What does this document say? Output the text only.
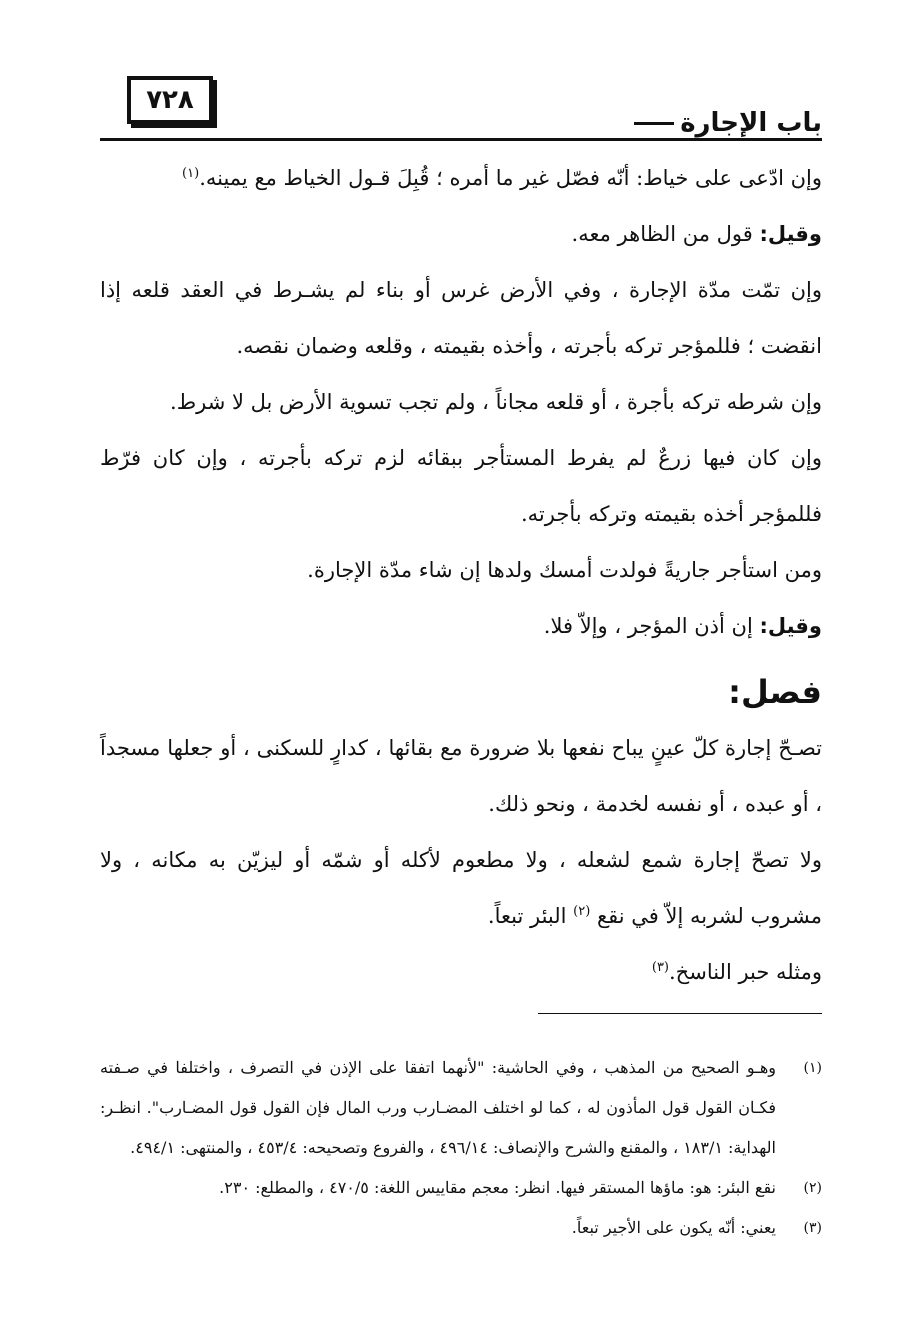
٧٢٨
باب الإجارة

وإن ادّعى على خياط: أنّه فصّل غير ما أمره ؛ قُبِلَ قـول الخياط مع يمينه.$^{(١)}$

وقيل: قول من الظاهر معه.

وإن تمّت مدّة الإجارة ، وفي الأرض غرس أو بناء لم يشـرط في العقد قلعه إذا انقضت ؛ فللمؤجر تركه بأجرته ، وأخذه بقيمته ، وقلعه وضمان نقصه.

وإن شرطه تركه بأجرة ، أو قلعه مجاناً ، ولم تجب تسوية الأرض بل لا شرط.

وإن كان فيها زرعٌ لم يفرط المستأجر ببقائه لزم تركه بأجرته ، وإن كان فرّط فللمؤجر أخذه بقيمته وتركه بأجرته.

ومن استأجر جاريةً فولدت أمسك ولدها إن شاء مدّة الإجارة.

وقيل: إن أذن المؤجر ، وإلاّ فلا.

فصل:

تصـحّ إجارة كلّ عينٍ يباح نفعها بلا ضرورة مع بقائها ، كدارٍ للسكنى ، أو جعلها مسجداً ، أو عبده ، أو نفسه لخدمة ، ونحو ذلك.

ولا تصحّ إجارة شمع لشعله ، ولا مطعوم لأكله أو شمّه أو ليزيّن به مكانه ، ولا مشروب لشربه إلاّ في نقع $^{(٢)}$ البئر تبعاً.

ومثله حبر الناسخ.$^{(٣)}$

(١)
وهـو الصحيح من المذهب ، وفي الحاشية: "لأنهما اتفقا على الإذن في التصرف ، واختلفا في صـفته فكـان القول قول المأذون له ، كما لو اختلف المضـارب ورب المال فإن القول قول المضـارب". انظـر: الهداية: ١٨٣/١ ، والمقنع والشرح والإنصاف: ٤٩٦/١٤ ، والفروع وتصحيحه: ٤٥٣/٤ ، والمنتهى: ٤٩٤/١.
(٢)
نقع البئر: هو: ماؤها المستقر فيها. انظر: معجم مقاييس اللغة: ٤٧٠/٥ ، والمطلع: ٢٣٠.
(٣)
يعني: أنّه يكون على الأجير تبعاً.
